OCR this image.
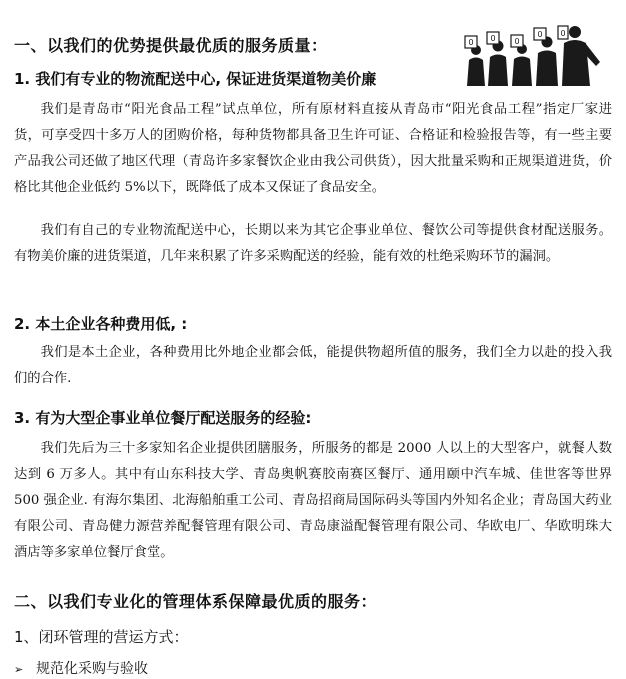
一、以我们的优势提供最优质的服务质量：	0 0 0
0 0
1. 我们有专业的物流配送中心, 保证进货渠道物美价廉
我们是青岛市“阳光食品工程”试点单位，所有原材料直接从青岛市“阳光食品工程”指定厂家进货，可享受四十多万人的团购价格，每种货物都具备卫生许可证、合格证和检验报告等，有一些主要产品我公司还做了地区代理（青岛许多家餐饮企业由我公司供货），因大批量采购和正规渠道进货，价格比其他企业低约 5%以下，既降低了成本又保证了食品安全。
我们有自己的专业物流配送中心，长期以来为其它企事业单位、餐饮公司等提供食材配送服务。有物美价廉的进货渠道，几年来积累了许多采购配送的经验，能有效的杜绝采购环节的漏洞。
2. 本土企业各种费用低, :
我们是本土企业，各种费用比外地企业都会低，能提供物超所值的服务，我们全力以赴的投入我们的合作.
3. 有为大型企事业单位餐厅配送服务的经验:
我们先后为三十多家知名企业提供团膳服务，所服务的都是 2000 人以上的大型客户，就餐人数达到 6 万多人。其中有山东科技大学、青岛奥帆赛胶南赛区餐厅、通用颐中汽车城、佳世客等世界 500 强企业. 有海尔集团、北海船舶重工公司、青岛招商局国际码头等国内外知名企业；青岛国大药业有限公司、青岛健力源营养配餐管理有限公司、青岛康溢配餐管理有限公司、华欧电厂、华欧明珠大酒店等多家单位餐厅食堂。
二、以我们专业化的管理体系保障最优质的服务：
1、闭环管理的营运方式：
➢ 规范化采购与验收
